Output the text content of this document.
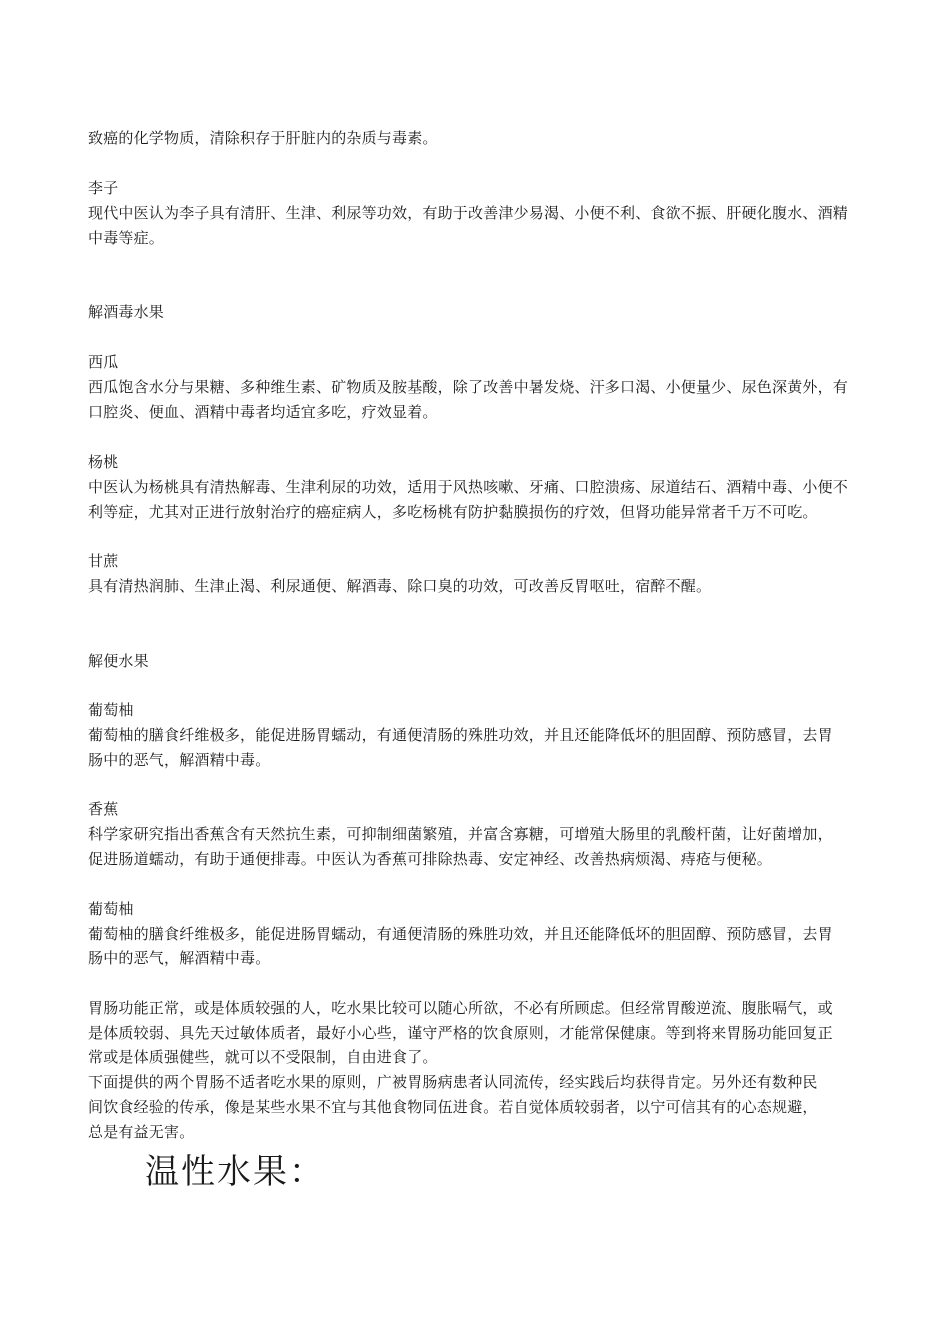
致癌的化学物质，清除积存于肝脏内的杂质与毒素。
李子
现代中医认为李子具有清肝、生津、利尿等功效，有助于改善津少易渴、小便不利、食欲不振、肝硬化腹水、酒精
中毒等症。
解酒毒水果
西瓜
西瓜饱含水分与果糖、多种维生素、矿物质及胺基酸，除了改善中暑发烧、汗多口渴、小便量少、尿色深黄外，有
口腔炎、便血、酒精中毒者均适宜多吃，疗效显着。
杨桃
中医认为杨桃具有清热解毒、生津利尿的功效，适用于风热咳嗽、牙痛、口腔溃疡、尿道结石、酒精中毒、小便不
利等症，尤其对正进行放射治疗的癌症病人，多吃杨桃有防护黏膜损伤的疗效，但肾功能异常者千万不可吃。
甘蔗
具有清热润肺、生津止渴、利尿通便、解酒毒、除口臭的功效，可改善反胃呕吐，宿醉不醒。
解便水果
葡萄柚
葡萄柚的膳食纤维极多，能促进肠胃蠕动，有通便清肠的殊胜功效，并且还能降低坏的胆固醇、预防感冒，去胃
肠中的恶气，解酒精中毒。
香蕉
科学家研究指出香蕉含有天然抗生素，可抑制细菌繁殖，并富含寡糖，可增殖大肠里的乳酸杆菌，让好菌增加，
促进肠道蠕动，有助于通便排毒。中医认为香蕉可排除热毒、安定神经、改善热病烦渴、痔疮与便秘。
葡萄柚
葡萄柚的膳食纤维极多，能促进肠胃蠕动，有通便清肠的殊胜功效，并且还能降低坏的胆固醇、预防感冒，去胃
肠中的恶气，解酒精中毒。
胃肠功能正常，或是体质较强的人，吃水果比较可以随心所欲，不必有所顾虑。但经常胃酸逆流、腹胀嗝气，或
是体质较弱、具先天过敏体质者，最好小心些，谨守严格的饮食原则，才能常保健康。等到将来胃肠功能回复正
常或是体质强健些，就可以不受限制，自由进食了。
下面提供的两个胃肠不适者吃水果的原则，广被胃肠病患者认同流传，经实践后均获得肯定。另外还有数种民
间饮食经验的传承，像是某些水果不宜与其他食物同伍进食。若自觉体质较弱者，以宁可信其有的心态规避，
总是有益无害。
温性水果：
